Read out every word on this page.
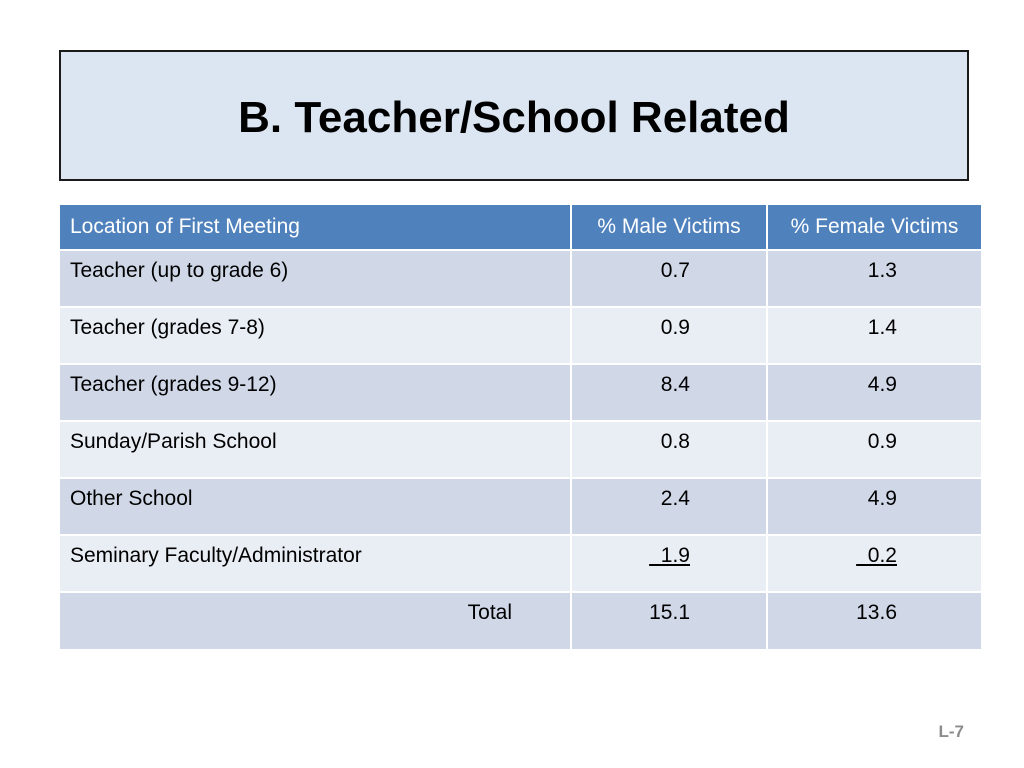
B. Teacher/School Related
Location of First Meeting	% Male Victims	% Female Victims
Teacher (up to grade 6)	0.7	1.3
Teacher (grades 7-8)	0.9	1.4
Teacher (grades 9-12)	8.4	4.9
Sunday/Parish School	0.8	0.9
Other School	2.4	4.9
Seminary Faculty/Administrator	1.9	0.2
Total	15.1	13.6
L-7
